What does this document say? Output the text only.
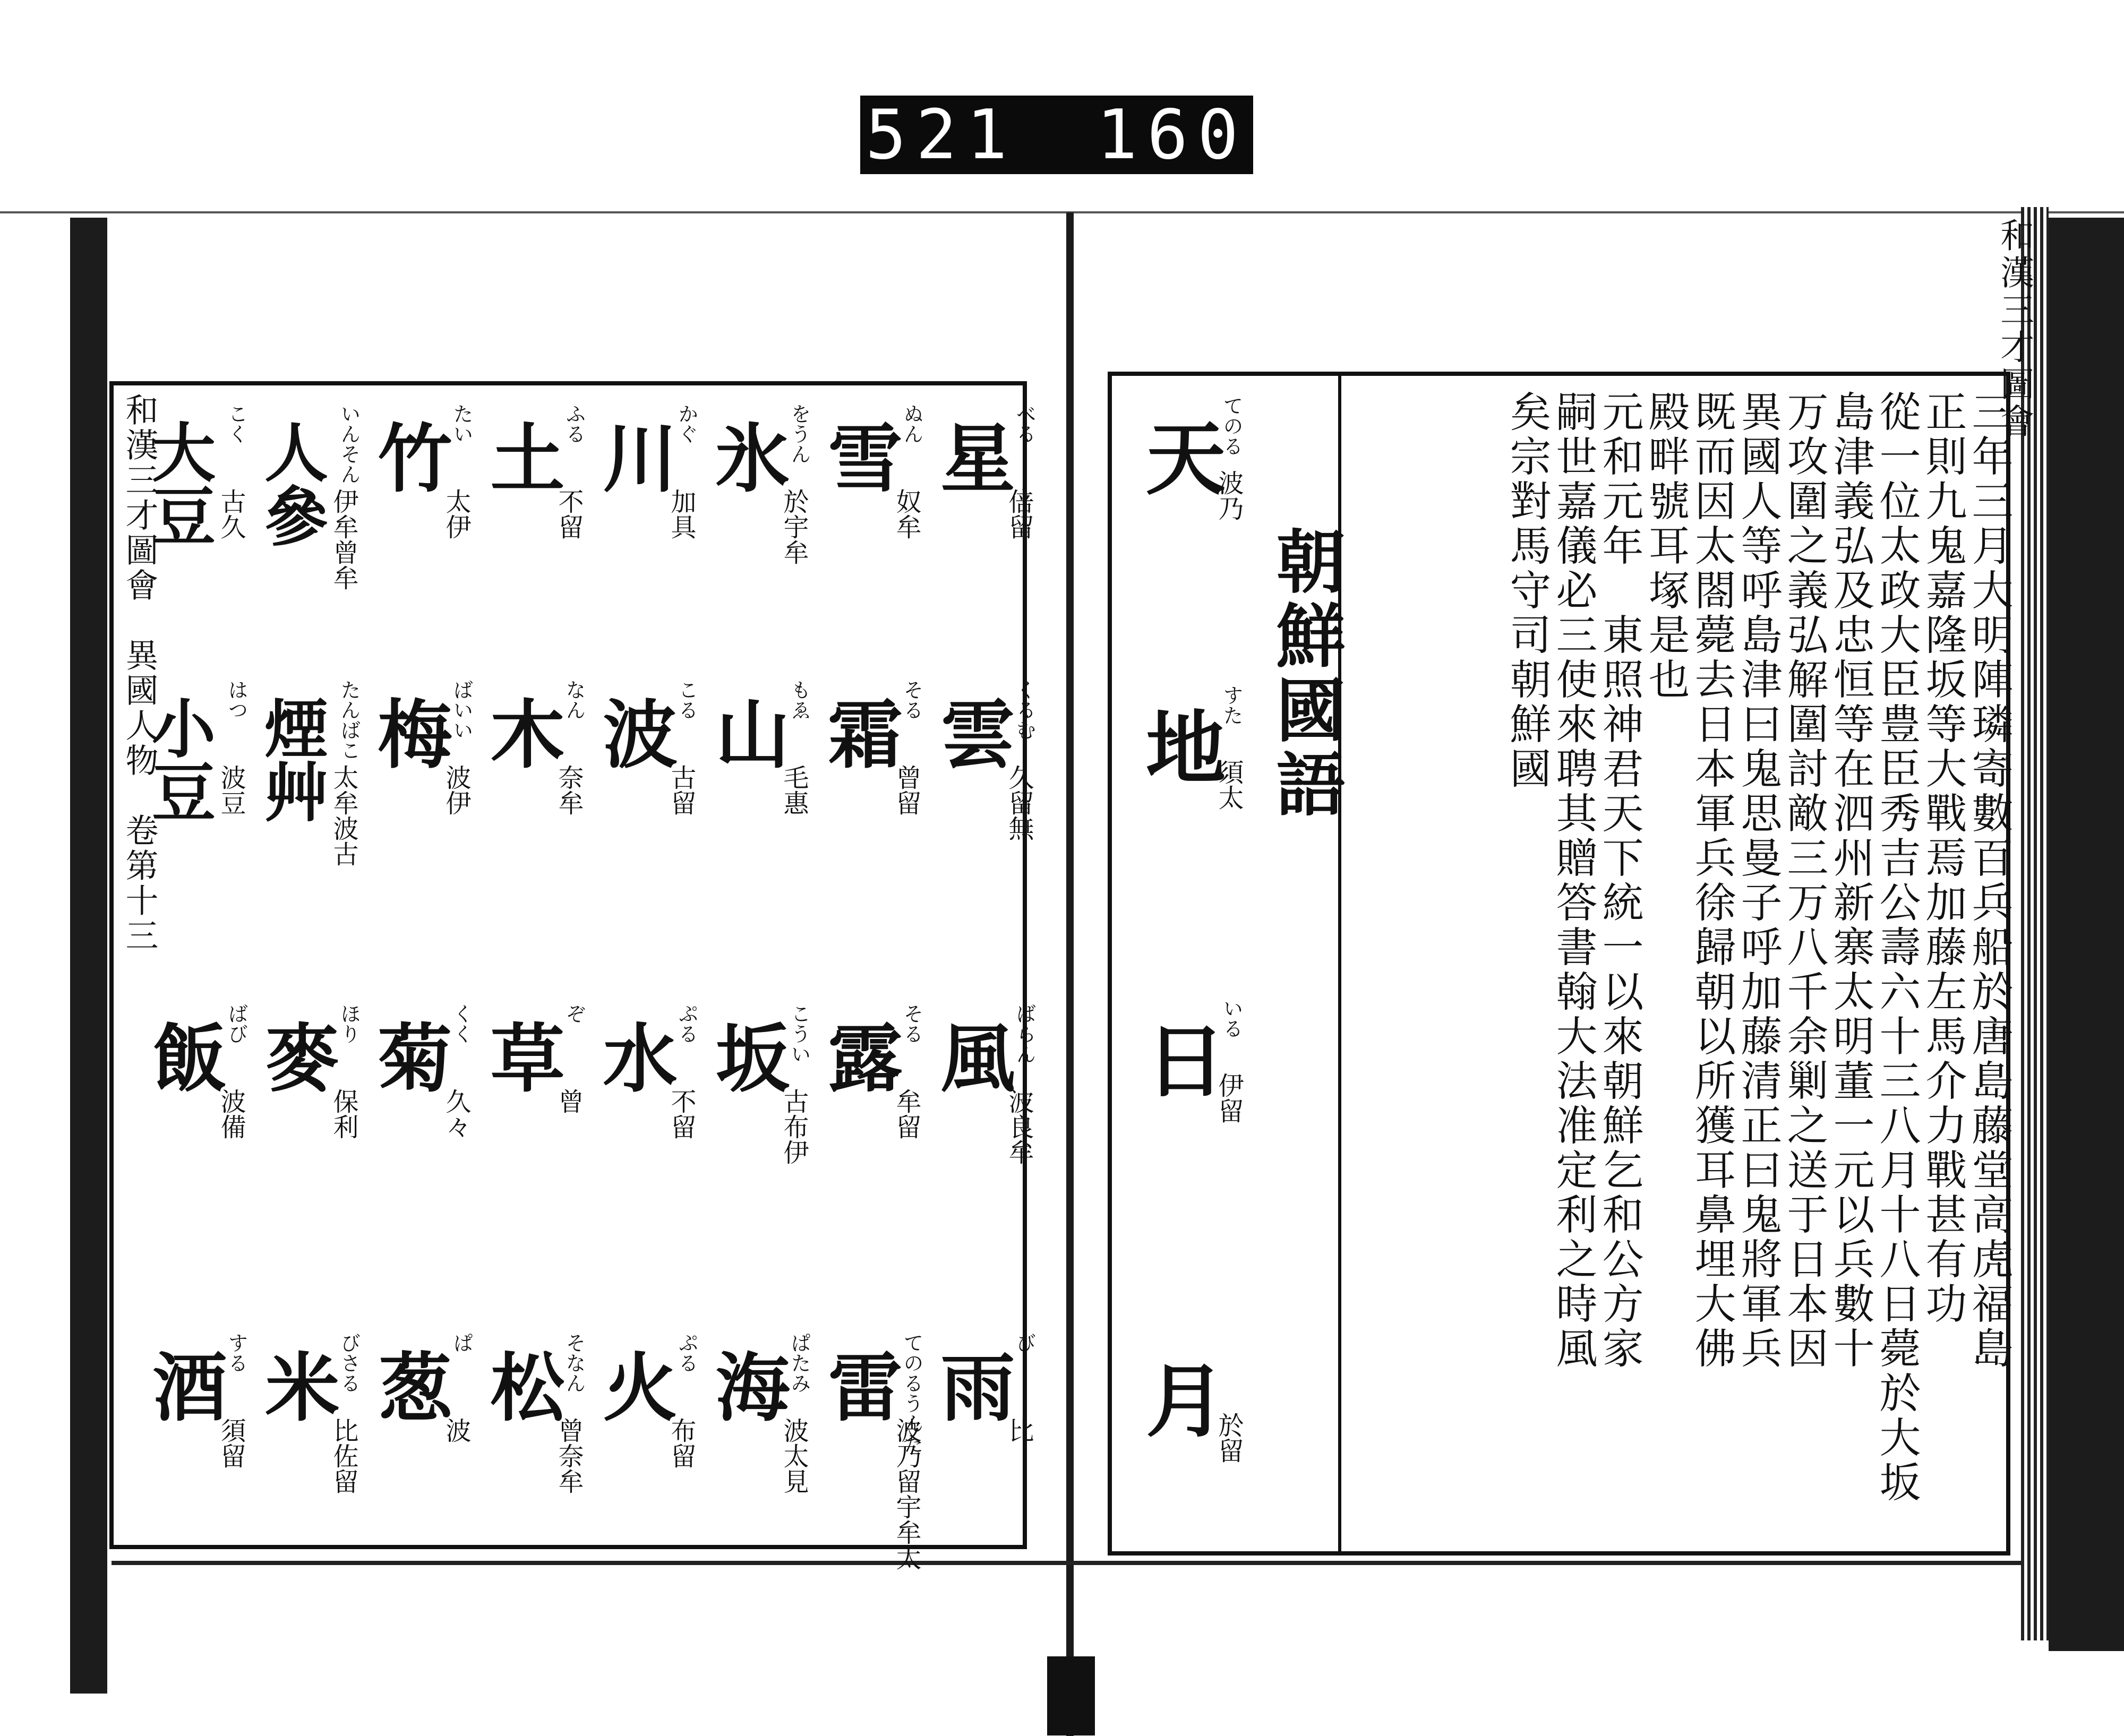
521 160
和漢三才圖會　異國人物　卷第十三	星
倍留
べる
雲
久留無
くるむ
風
波良牟
ばらん
雨
比
び
雪
奴牟
ぬん
霜
曾留
そる
露
牟留
そる
雷
波乃留宇牟太
てのるうんた
氷
於宇牟
をうん
山
毛惠
もゑ
坂
古布伊
こうい
海
波太見
ぱたみ
川
加具
かぐ
波
古留
こる
水
不留
ぷる
火
布留
ぷる
土
不留
ふる
木
奈牟
なん
草
曾
ぞ
松
曾奈牟
そなん
竹
太伊
たい
梅
波伊
ばいい
菊
久々
くく
葱
波
ぱ
人參 伊牟曾牟
いんそん
煙艸 太牟波古
たんばこ
麥
保利
ほり
米
比佐留
びさる
大豆 古久
こく
小豆 波豆
はつ
飯
波備
ばび
酒
須留
する
和漢三才圖會
三年三月大明陣璘寄數百兵船於唐島藤堂高虎福島
正則九鬼嘉隆坂等大戰焉加藤左馬介力戰甚有功
從一位太政大臣豊臣秀吉公壽六十三八月十八日薨於大坂
島津義弘及忠恒等在泗州新寨太明董一元以兵數十
万攻圍之義弘解圍討敵三万八千余剿之送于日本因
異國人等呼島津曰鬼思曼子呼加藤清正曰鬼將軍兵
既而因太閤薨去日本軍兵徐歸朝以所獲耳鼻埋大佛
殿畔號耳塚是也
元和元年　東照神君天下統一以來朝鮮乞和公方家
嗣世嘉儀必三使來聘其贈答書翰大法准定利之時風
矣宗對馬守司朝鮮國
朝鮮國語
天
波乃
てのる
地
須太
すた
日
伊留
いる
月
於留
